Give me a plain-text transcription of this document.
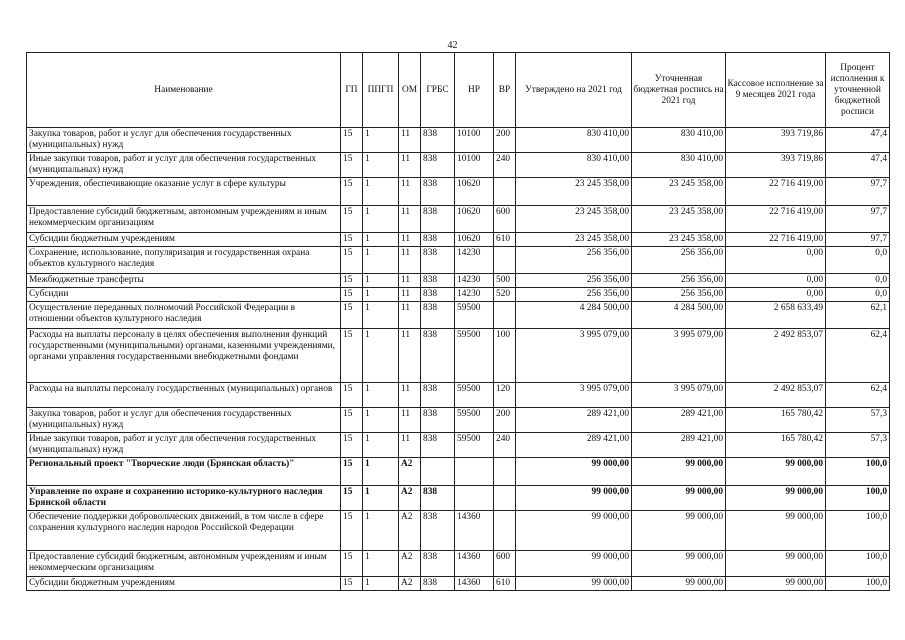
42
Наименование	ГП	ППГП	ОМ	ГРБС	НР	ВР	Утверждено на 2021 год	Уточненная бюджетная роспись на 2021 год	Кассовое исполнение за 9 месяцев 2021 года	Процент исполнения к уточненной бюджетной росписи
Закупка товаров, работ и услуг для обеспечения государственных (муниципальных) нужд	15	1	11	838	10100	200	830 410,00	830 410,00	393 719,86	47,4
Иные закупки товаров, работ и услуг для обеспечения государственных (муниципальных) нужд	15	1	11	838	10100	240	830 410,00	830 410,00	393 719,86	47,4
Учреждения, обеспечивающие оказание услуг в сфере культуры	15	1	11	838	10620		23 245 358,00	23 245 358,00	22 716 419,00	97,7
Предоставление субсидий бюджетным, автономным учреждениям и иным некоммерческим организациям	15	1	11	838	10620	600	23 245 358,00	23 245 358,00	22 716 419,00	97,7
Субсидии бюджетным учреждениям	15	1	11	838	10620	610	23 245 358,00	23 245 358,00	22 716 419,00	97,7
Сохранение, использование, популяризация и государственная охрана объектов культурного наследия	15	1	11	838	14230		256 356,00	256 356,00	0,00	0,0
Межбюджетные трансферты	15	1	11	838	14230	500	256 356,00	256 356,00	0,00	0,0
Субсидии	15	1	11	838	14230	520	256 356,00	256 356,00	0,00	0,0
Осуществление переданных полномочий Российской Федерации в отношении объектов культурного наследия	15	1	11	838	59500		4 284 500,00	4 284 500,00	2 658 633,49	62,1
Расходы на выплаты персоналу в целях обеспечения выполнения функций государственными (муниципальными) органами, казенными учреждениями, органами управления государственными внебюджетными фондами	15	1	11	838	59500	100	3 995 079,00	3 995 079,00	2 492 853,07	62,4
Расходы на выплаты персоналу государственных (муниципальных) органов	15	1	11	838	59500	120	3 995 079,00	3 995 079,00	2 492 853,07	62,4
Закупка товаров, работ и услуг для обеспечения государственных (муниципальных) нужд	15	1	11	838	59500	200	289 421,00	289 421,00	165 780,42	57,3
Иные закупки товаров, работ и услуг для обеспечения государственных (муниципальных) нужд	15	1	11	838	59500	240	289 421,00	289 421,00	165 780,42	57,3
Региональный проект "Творческие люди (Брянская область)"	15	1	A2				99 000,00	99 000,00	99 000,00	100,0
Управление по охране и сохранению историко-культурного наследия Брянской области	15	1	A2	838			99 000,00	99 000,00	99 000,00	100,0
Обеспечение поддержки добровольческих движений, в том числе в сфере сохранения культурного наследия народов Российской Федерации	15	1	A2	838	14360		99 000,00	99 000,00	99 000,00	100,0
Предоставление субсидий бюджетным, автономным учреждениям и иным некоммерческим организациям	15	1	A2	838	14360	600	99 000,00	99 000,00	99 000,00	100,0
Субсидии бюджетным учреждениям	15	1	A2	838	14360	610	99 000,00	99 000,00	99 000,00	100,0
